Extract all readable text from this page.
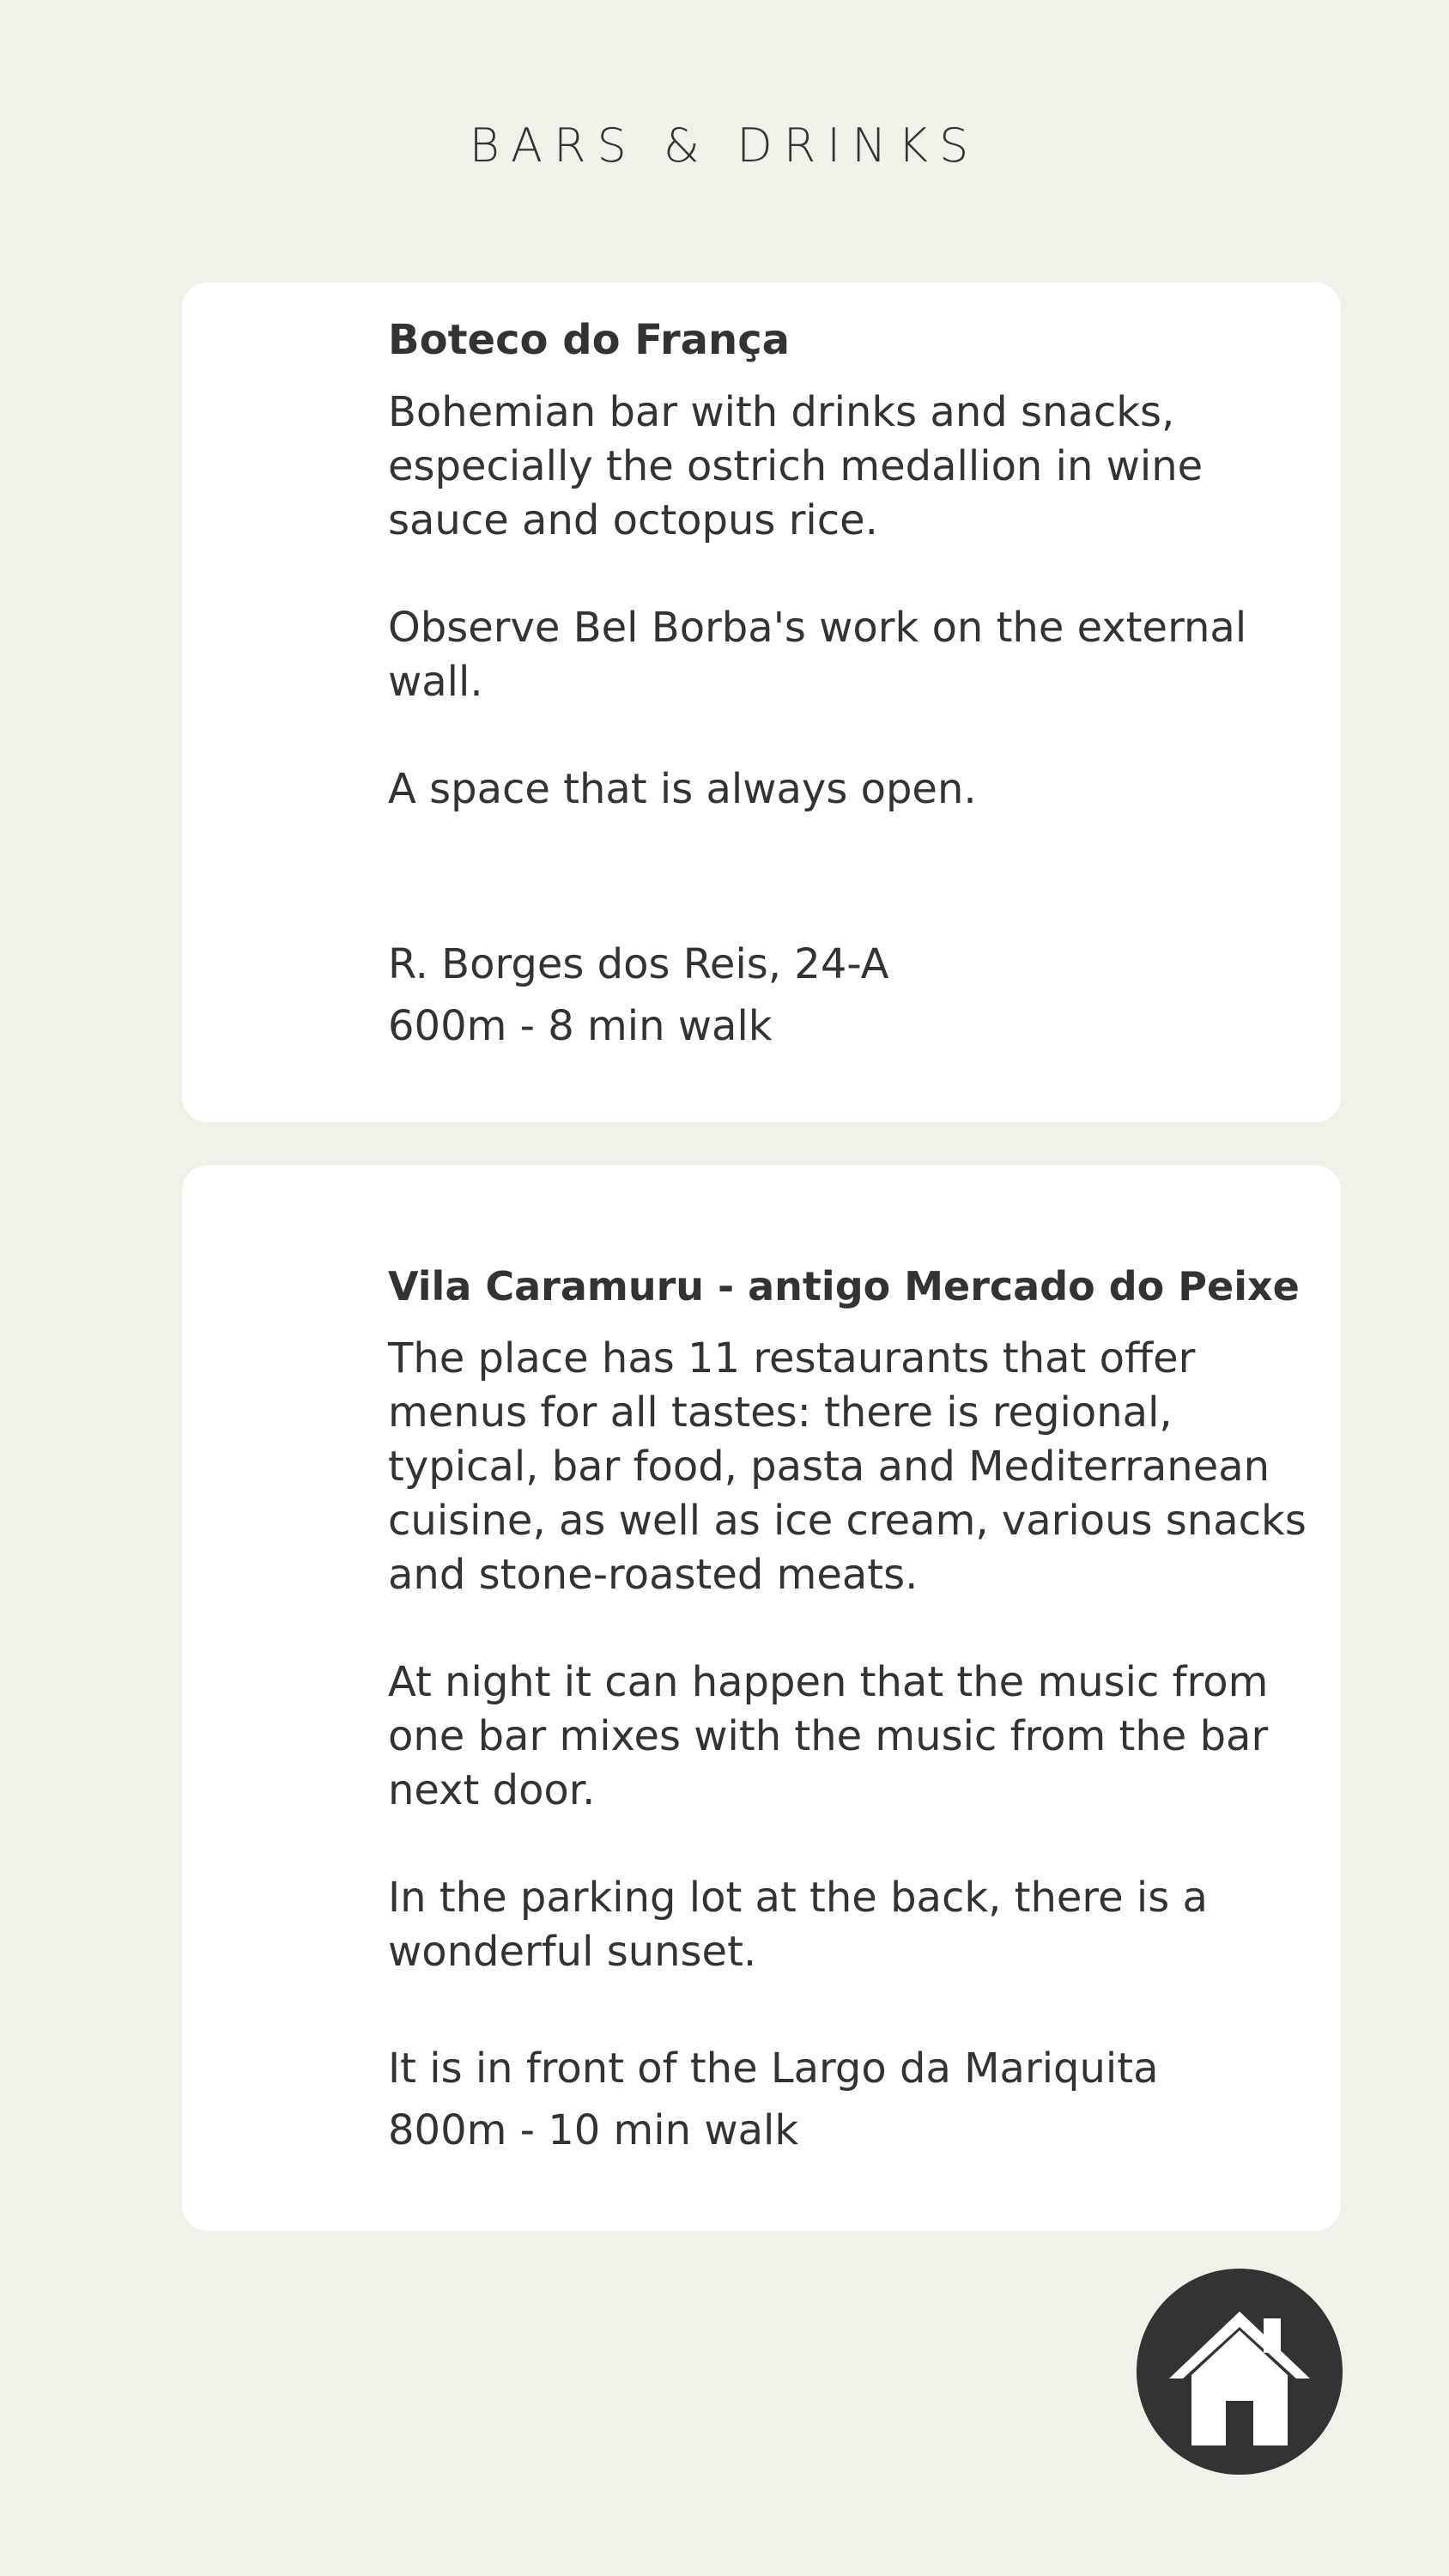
BARS & DRINKS

Boteco do França

Bohemian bar with drinks and snacks, especially the ostrich medallion in wine sauce and octopus rice.

Observe Bel Borba's work on the external wall.

A space that is always open.

R. Borges dos Reis, 24-A

600m - 8 min walk

Vila Caramuru - antigo Mercado do Peixe

The place has 11 restaurants that offer menus for all tastes: there is regional, typical, bar food, pasta and Mediterranean cuisine, as well as ice cream, various snacks and stone-roasted meats.

At night it can happen that the music from one bar mixes with the music from the bar next door.

In the parking lot at the back, there is a wonderful sunset.

It is in front of the Largo da Mariquita

800m - 10 min walk
